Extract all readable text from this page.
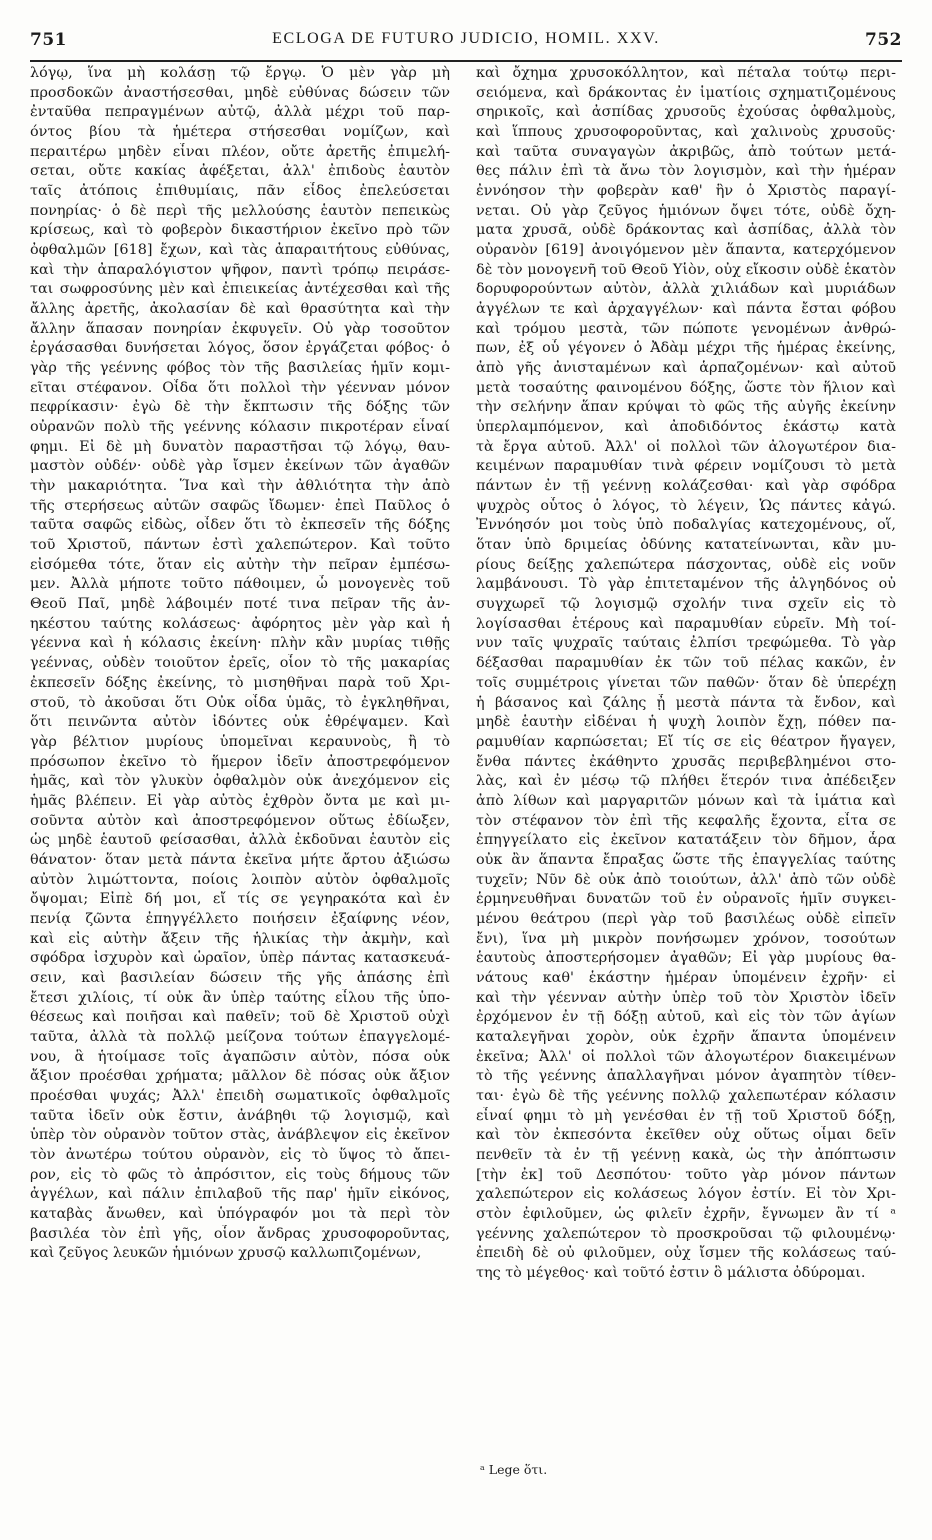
751	ECLOGA DE FUTURO JUDICIO, HOMIL. XXV.	752
λόγῳ, ἵνα μὴ κολάσῃ τῷ ἔργῳ. Ὁ μὲν γὰρ μὴ
προσδοκῶν ἀναστήσεσθαι, μηδὲ εὐθύνας δώσειν τῶν
ἐνταῦθα πεπραγμένων αὐτῷ, ἀλλὰ μέχρι τοῦ παρ-
όντος βίου τὰ ἡμέτερα στήσεσθαι νομίζων, καὶ
περαιτέρω μηδὲν εἶναι πλέον, οὔτε ἀρετῆς ἐπιμελή-
σεται, οὔτε κακίας ἀφέξεται, ἀλλ' ἐπιδοὺς ἑαυτὸν
ταῖς ἀτόποις ἐπιθυμίαις, πᾶν εἶδος ἐπελεύσεται
πονηρίας· ὁ δὲ περὶ τῆς μελλούσης ἑαυτὸν πεπεικὼς
κρίσεως, καὶ τὸ φοβερὸν δικαστήριον ἐκεῖνο πρὸ τῶν
ὀφθαλμῶν [618] ἔχων, καὶ τὰς ἀπαραιτήτους εὐθύνας,
καὶ τὴν ἀπαραλόγιστον ψῆφον, παντὶ τρόπῳ πειράσε-
ται σωφροσύνης μὲν καὶ ἐπιεικείας ἀντέχεσθαι καὶ τῆς
ἄλλης ἀρετῆς, ἀκολασίαν δὲ καὶ θρασύτητα καὶ τὴν
ἄλλην ἅπασαν πονηρίαν ἐκφυγεῖν. Οὐ γὰρ τοσοῦτον
ἐργάσασθαι δυνήσεται λόγος, ὅσον ἐργάζεται φόβος· ὁ
γὰρ τῆς γεέννης φόβος τὸν τῆς βασιλείας ἡμῖν κομι-
εῖται στέφανον. Οἶδα ὅτι πολλοὶ τὴν γέενναν μόνον
πεφρίκασιν· ἐγὼ δὲ τὴν ἔκπτωσιν τῆς δόξης τῶν
οὐρανῶν πολὺ τῆς γεέννης κόλασιν πικροτέραν εἶναί
φημι. Εἰ δὲ μὴ δυνατὸν παραστῆσαι τῷ λόγῳ, θαυ-
μαστὸν οὐδέν· οὐδὲ γὰρ ἴσμεν ἐκείνων τῶν ἀγαθῶν
τὴν μακαριότητα. Ἵνα καὶ τὴν ἀθλιότητα τὴν ἀπὸ
τῆς στερήσεως αὐτῶν σαφῶς ἴδωμεν· ἐπεὶ Παῦλος ὁ
ταῦτα σαφῶς εἰδὼς, οἶδεν ὅτι τὸ ἐκπεσεῖν τῆς δόξης
τοῦ Χριστοῦ, πάντων ἐστὶ χαλεπώτερον. Καὶ τοῦτο
εἰσόμεθα τότε, ὅταν εἰς αὐτὴν τὴν πεῖραν ἐμπέσω-
μεν. Ἀλλὰ μήποτε τοῦτο πάθοιμεν, ὦ μονογενὲς τοῦ
Θεοῦ Παῖ, μηδὲ λάβοιμέν ποτέ τινα πεῖραν τῆς ἀν-
ηκέστου ταύτης κολάσεως· ἀφόρητος μὲν γὰρ καὶ ἡ
γέεννα καὶ ἡ κόλασις ἐκείνη· πλὴν κἂν μυρίας τιθῇς
γεέννας, οὐδὲν τοιοῦτον ἐρεῖς, οἷον τὸ τῆς μακαρίας
ἐκπεσεῖν δόξης ἐκείνης, τὸ μισηθῆναι παρὰ τοῦ Χρι-
στοῦ, τὸ ἀκοῦσαι ὅτι Οὐκ οἶδα ὑμᾶς, τὸ ἐγκληθῆναι,
ὅτι πεινῶντα αὐτὸν ἰδόντες οὐκ ἐθρέψαμεν. Καὶ
γὰρ βέλτιον μυρίους ὑπομεῖναι κεραυνοὺς, ἢ τὸ
πρόσωπον ἐκεῖνο τὸ ἥμερον ἰδεῖν ἀποστρεφόμενον
ἡμᾶς, καὶ τὸν γλυκὺν ὀφθαλμὸν οὐκ ἀνεχόμενον εἰς
ἡμᾶς βλέπειν. Εἰ γὰρ αὐτὸς ἐχθρὸν ὄντα με καὶ μι-
σοῦντα αὐτὸν καὶ ἀποστρεφόμενον οὕτως ἐδίωξεν,
ὡς μηδὲ ἑαυτοῦ φείσασθαι, ἀλλὰ ἐκδοῦναι ἑαυτὸν εἰς
θάνατον· ὅταν μετὰ πάντα ἐκεῖνα μήτε ἄρτου ἀξιώσω
αὐτὸν λιμώττοντα, ποίοις λοιπὸν αὐτὸν ὀφθαλμοῖς
ὄψομαι; Εἰπὲ δή μοι, εἴ τίς σε γεγηρακότα καὶ ἐν
πενίᾳ ζῶντα ἐπηγγέλλετο ποιήσειν ἐξαίφνης νέον,
καὶ εἰς αὐτὴν ἄξειν τῆς ἡλικίας τὴν ἀκμὴν, καὶ
σφόδρα ἰσχυρὸν καὶ ὡραῖον, ὑπὲρ πάντας κατασκευά-
σειν, καὶ βασιλείαν δώσειν τῆς γῆς ἁπάσης ἐπὶ
ἔτεσι χιλίοις, τί οὐκ ἂν ὑπὲρ ταύτης εἶλου τῆς ὑπο-
θέσεως καὶ ποιῆσαι καὶ παθεῖν; τοῦ δὲ Χριστοῦ οὐχὶ
ταῦτα, ἀλλὰ τὰ πολλῷ μείζονα τούτων ἐπαγγελομέ-
νου, ἃ ἡτοίμασε τοῖς ἀγαπῶσιν αὐτὸν, πόσα οὐκ
ἄξιον προέσθαι χρήματα; μᾶλλον δὲ πόσας οὐκ ἄξιον
προέσθαι ψυχάς; Ἀλλ' ἐπειδὴ σωματικοῖς ὀφθαλμοῖς
ταῦτα ἰδεῖν οὐκ ἔστιν, ἀνάβηθι τῷ λογισμῷ, καὶ
ὑπὲρ τὸν οὐρανὸν τοῦτον στὰς, ἀνάβλεψον εἰς ἐκεῖνον
τὸν ἀνωτέρω τούτου οὐρανὸν, εἰς τὸ ὕψος τὸ ἄπει-
ρον, εἰς τὸ φῶς τὸ ἀπρόσιτον, εἰς τοὺς δήμους τῶν
ἀγγέλων, καὶ πάλιν ἐπιλαβοῦ τῆς παρ' ἡμῖν εἰκόνος,
καταβὰς ἄνωθεν, καὶ ὑπόγραφόν μοι τὰ περὶ τὸν
βασιλέα τὸν ἐπὶ γῆς, οἷον ἄνδρας χρυσοφοροῦντας,
καὶ ζεῦγος λευκῶν ἡμιόνων χρυσῷ καλλωπιζομένων,
καὶ ὄχημα χρυσοκόλλητον, καὶ πέταλα τούτῳ περι-
σειόμενα, καὶ δράκοντας ἐν ἱματίοις σχηματιζομένους
σηρικοῖς, καὶ ἀσπίδας χρυσοῦς ἐχούσας ὀφθαλμοὺς,
καὶ ἵππους χρυσοφοροῦντας, καὶ χαλινοὺς χρυσοῦς·
καὶ ταῦτα συναγαγὼν ἀκριβῶς, ἀπὸ τούτων μετά-
θες πάλιν ἐπὶ τὰ ἄνω τὸν λογισμὸν, καὶ τὴν ἡμέραν
ἐννόησον τὴν φοβερὰν καθ' ἣν ὁ Χριστὸς παραγί-
νεται. Οὐ γὰρ ζεῦγος ἡμιόνων ὄψει τότε, οὐδὲ ὄχη-
ματα χρυσᾶ, οὐδὲ δράκοντας καὶ ἀσπίδας, ἀλλὰ τὸν
οὐρανὸν [619] ἀνοιγόμενον μὲν ἅπαντα, κατερχόμενον
δὲ τὸν μονογενῆ τοῦ Θεοῦ Υἱὸν, οὐχ εἴκοσιν οὐδὲ ἑκατὸν
δορυφορούντων αὐτὸν, ἀλλὰ χιλιάδων καὶ μυριάδων
ἀγγέλων τε καὶ ἀρχαγγέλων· καὶ πάντα ἔσται φόβου
καὶ τρόμου μεστὰ, τῶν πώποτε γενομένων ἀνθρώ-
πων, ἐξ οὗ γέγονεν ὁ Ἀδὰμ μέχρι τῆς ἡμέρας ἐκείνης,
ἀπὸ γῆς ἀνισταμένων καὶ ἁρπαζομένων· καὶ αὐτοῦ
μετὰ τοσαύτης φαινομένου δόξης, ὥστε τὸν ἥλιον καὶ
τὴν σελήνην ἅπαν κρύψαι τὸ φῶς τῆς αὐγῆς ἐκείνην
ὑπερλαμπόμενον, καὶ ἀποδιδόντος ἑκάστῳ κατὰ
τὰ ἔργα αὐτοῦ. Ἀλλ' οἱ πολλοὶ τῶν ἀλογωτέρον δια-
κειμένων παραμυθίαν τινὰ φέρειν νομίζουσι τὸ μετὰ
πάντων ἐν τῇ γεέννῃ κολάζεσθαι· καὶ γὰρ σφόδρα
ψυχρὸς οὗτος ὁ λόγος, τὸ λέγειν, Ὡς πάντες κἀγώ.
Ἐννόησόν μοι τοὺς ὑπὸ ποδαλγίας κατεχομένους, οἵ,
ὅταν ὑπὸ δριμείας ὀδύνης κατατείνωνται, κἂν μυ-
ρίους δείξῃς χαλεπώτερα πάσχοντας, οὐδὲ εἰς νοῦν
λαμβάνουσι. Τὸ γὰρ ἐπιτεταμένον τῆς ἀλγηδόνος οὐ
συγχωρεῖ τῷ λογισμῷ σχολήν τινα σχεῖν εἰς τὸ
λογίσασθαι ἑτέρους καὶ παραμυθίαν εὑρεῖν. Μὴ τοί-
νυν ταῖς ψυχραῖς ταύταις ἐλπίσι τρεφώμεθα. Τὸ γὰρ
δέξασθαι παραμυθίαν ἐκ τῶν τοῦ πέλας κακῶν, ἐν
τοῖς συμμέτροις γίνεται τῶν παθῶν· ὅταν δὲ ὑπερέχῃ
ἡ βάσανος καὶ ζάλης ᾖ μεστὰ πάντα τὰ ἔνδον, καὶ
μηδὲ ἑαυτὴν εἰδέναι ἡ ψυχὴ λοιπὸν ἔχῃ, πόθεν πα-
ραμυθίαν καρπώσεται; Εἴ τίς σε εἰς θέατρον ἤγαγεν,
ἔνθα πάντες ἐκάθηντο χρυσᾶς περιβεβλημένοι στο-
λὰς, καὶ ἐν μέσῳ τῷ πλήθει ἕτερόν τινα ἀπέδειξεν
ἀπὸ λίθων καὶ μαργαριτῶν μόνων καὶ τὰ ἱμάτια καὶ
τὸν στέφανον τὸν ἐπὶ τῆς κεφαλῆς ἔχοντα, εἶτα σε
ἐπηγγείλατο εἰς ἐκεῖνον κατατάξειν τὸν δῆμον, ἆρα
οὐκ ἂν ἅπαντα ἔπραξας ὥστε τῆς ἐπαγγελίας ταύτης
τυχεῖν; Νῦν δὲ οὐκ ἀπὸ τοιούτων, ἀλλ' ἀπὸ τῶν οὐδὲ
ἑρμηνευθῆναι δυνατῶν τοῦ ἐν οὐρανοῖς ἡμῖν συγκει-
μένου θεάτρου (περὶ γὰρ τοῦ βασιλέως οὐδὲ εἰπεῖν
ἔνι), ἵνα μὴ μικρὸν πονήσωμεν χρόνον, τοσούτων
ἑαυτοὺς ἀποστερήσομεν ἀγαθῶν; Εἰ γὰρ μυρίους θα-
νάτους καθ' ἑκάστην ἡμέραν ὑπομένειν ἐχρῆν· εἰ
καὶ τὴν γέενναν αὐτὴν ὑπὲρ τοῦ τὸν Χριστὸν ἰδεῖν
ἐρχόμενον ἐν τῇ δόξῃ αὐτοῦ, καὶ εἰς τὸν τῶν ἁγίων
καταλεγῆναι χορὸν, οὐκ ἐχρῆν ἅπαντα ὑπομένειν
ἐκεῖνα; Ἀλλ' οἱ πολλοὶ τῶν ἀλογωτέρον διακειμένων
τὸ τῆς γεέννης ἀπαλλαγῆναι μόνον ἀγαπητὸν τίθεν-
ται· ἐγὼ δὲ τῆς γεέννης πολλῷ χαλεπωτέραν κόλασιν
εἶναί φημι τὸ μὴ γενέσθαι ἐν τῇ τοῦ Χριστοῦ δόξῃ,
καὶ τὸν ἐκπεσόντα ἐκεῖθεν οὐχ οὕτως οἶμαι δεῖν
πενθεῖν τὰ ἐν τῇ γεέννῃ κακὰ, ὡς τὴν ἀπόπτωσιν
[τὴν ἐκ] τοῦ Δεσπότου· τοῦτο γὰρ μόνον πάντων
χαλεπώτερον εἰς κολάσεως λόγον ἐστίν. Εἰ τὸν Χρι-
στὸν ἐφιλοῦμεν, ὡς φιλεῖν ἐχρῆν, ἔγνωμεν ἂν τί ᵃ
γεέννης χαλεπώτερον τὸ προσκροῦσαι τῷ φιλουμένῳ·
ἐπειδὴ δὲ οὐ φιλοῦμεν, οὐχ ἴσμεν τῆς κολάσεως ταύ-
της τὸ μέγεθος· καὶ τοῦτό ἐστιν ὃ μάλιστα ὀδύρομαι.
ᵃ Lege ὅτι.
